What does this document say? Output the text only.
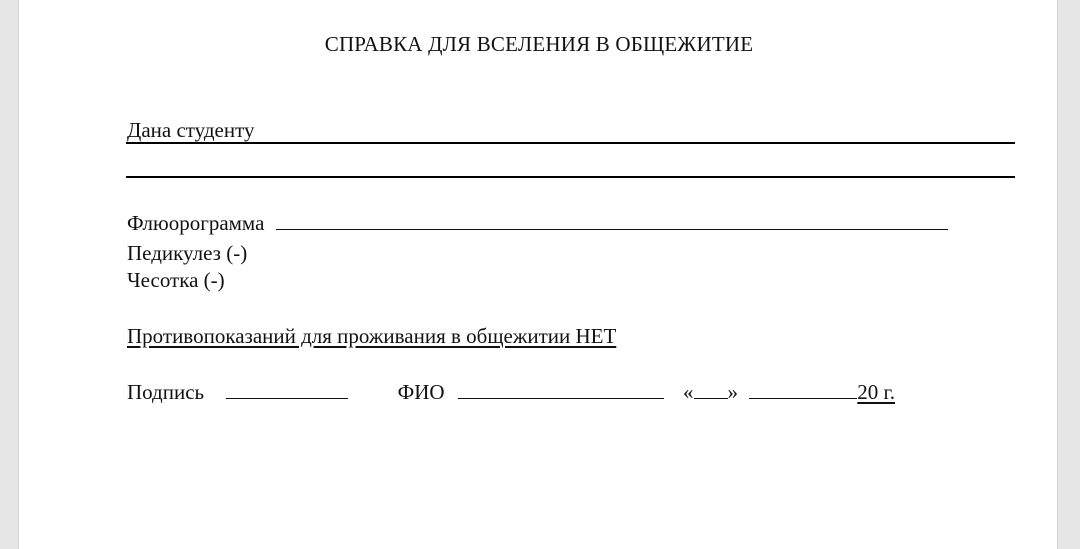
СПРАВКА ДЛЯ ВСЕЛЕНИЯ В ОБЩЕЖИТИЕ
Дана студенту
Флюорограмма
Педикулез (-)
Чесотка (-)
Противопоказаний для проживания в общежитии НЕТ
Подпись	ФИО	« »	20 г.
